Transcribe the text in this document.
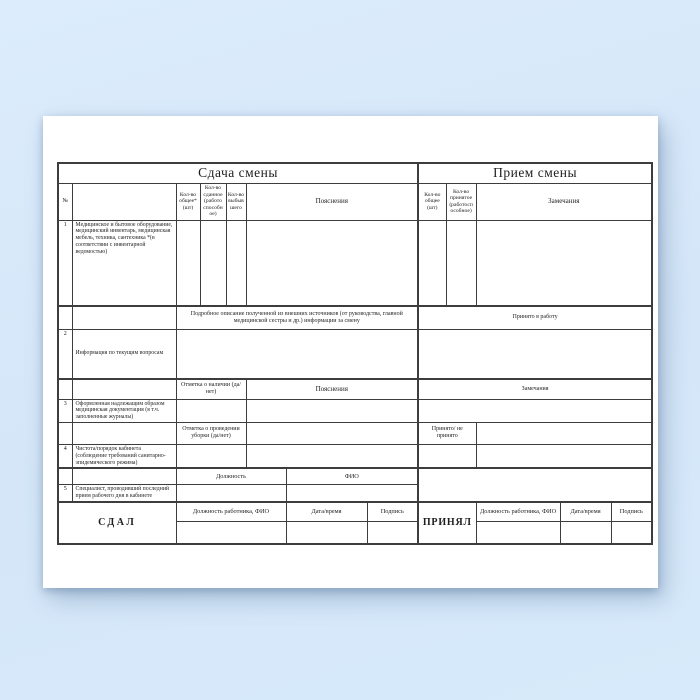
Сдача смены								Прием смены				
№		Кол-во общее* (шт)	Кол-во сданное (работо способн ое)	Кол-во выбыв шего	Пояснения			Кол-во общее (шт)	Кол-во принятое (работосп особное)	Замечания		
1	Медицинское и бытовое оборудование, медицинский инвентарь, медицинская мебель, техника, сантехника *(в соответствии с инвентарной ведомостью)											
		Подробное описание полученной из внешних источников (от руководства, главной медицинской сестры и др.) информации за смену						Принято в работу				
2	Информация по текущим вопросам											
		Отметка о наличии (да/нет)			Пояснения			Замечания				
3	Оформленная надлежащим образом медицинская документация (в т.ч. заполненные журналы)											
		Отметка о проведении уборки (да/нет)						Принято/ не принято				
4	Чистота/порядок кабинета (соблюдение требований санитарно-эпидемического режима)											
		Должность				ФИО						
5	Специалист, проводивший последний прием рабочего дня в кабинете											
СДАЛ		Должность работника, ФИО				Дата/время	Подпись	ПРИНЯЛ		Должность работника, ФИО	Дата/время	Подпись
